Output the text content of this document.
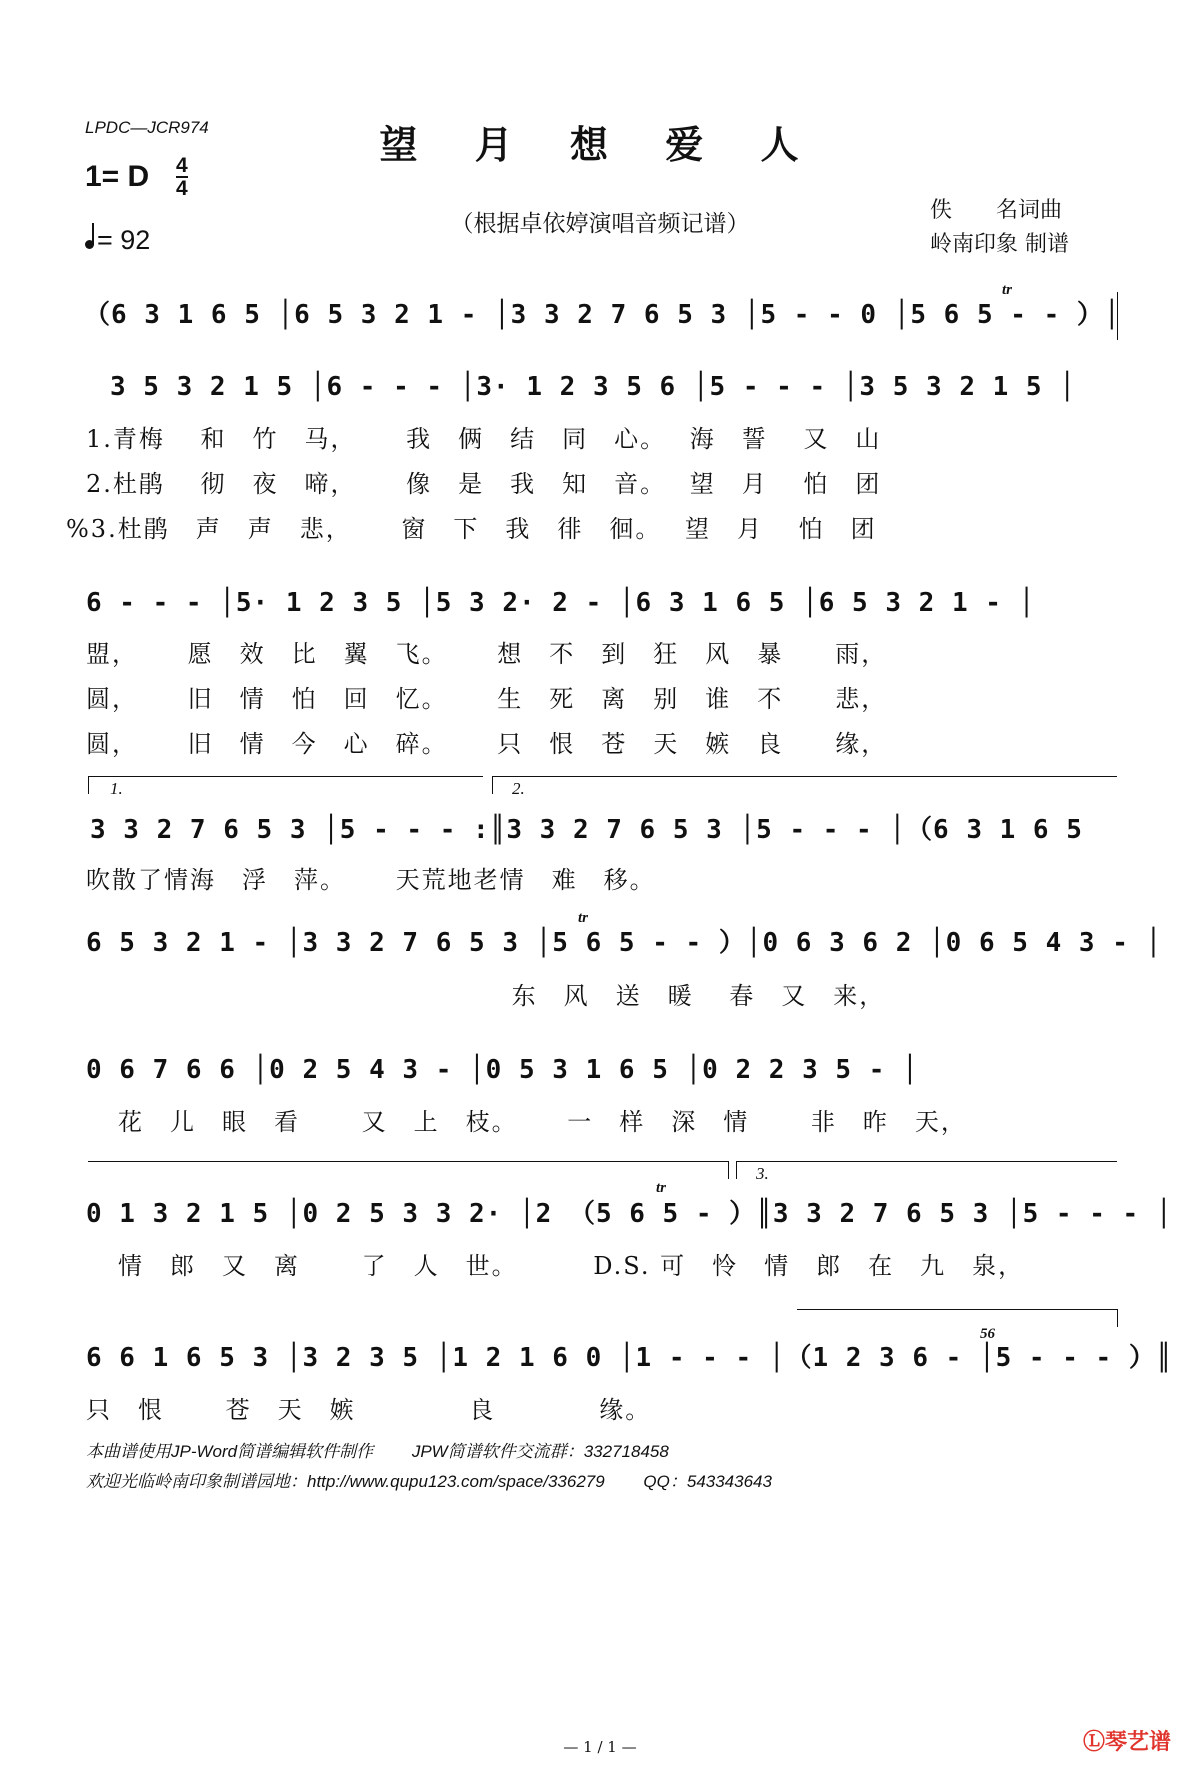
LPDC—JCR974	望 月 想 爱 人
1= D 4
4
= 92
（根据卓依婷演唱音频记谱）
佚　　名词曲
岭南印象 制谱
（6 3 1 6 5 │6 5 3 2 1 - │3 3 2 7 6 5 3 │5 - - 0 │5 6 5 - - ）│
tr
3 5 3 2 1 5 │6 - - - │3· 1 2 3 5 6 │5 - - - │3 5 3 2 1 5 │
1.青梅　 和　竹　马，　　 我　俩　结　同　心。　 海　誓　 又　山
2.杜鹃　 彻　夜　啼，　　 像　是　我　知　音。　 望　月　 怕　团
%3.杜鹃　声　声　悲，　　 窗　下　我　徘　徊。　 望　月　 怕　团
6 - - - │5· 1 2 3 5 │5 3 2· 2 - │6 3 1 6 5 │6 5 3 2 1 - │
盟，　　 愿　效　比　翼　飞。　　 想　不　到　狂　风　暴　　雨，
圆，　　 旧　情　怕　回　忆。　　 生　死　离　别　谁　不　　悲，
圆，　　 旧　情　今　心　碎。　　 只　恨　苍　天　嫉　良　　缘，
1.	2.
3 3 2 7 6 5 3 │5 - - - :║3 3 2 7 6 5 3 │5 - - - │（6 3 1 6 5
吹散了情海　浮　萍。　　 天荒地老情　难　移。
tr
6 5 3 2 1 - │3 3 2 7 6 5 3 │5 6 5 - - ）│0 6 3 6 2 │0 6 5 4 3 - │
　　　　　　　　　　　　　　　　 东　风　送　暖　 春　又　来，
0 6 7 6 6 │0 2 5 4 3 - │0 5 3 1 6 5 │0 2 2 3 5 - │
花　儿　眼　看　　 又　上　枝。　　 一　样　深　情　　 非　昨　天，
3.
tr
0 1 3 2 1 5 │0 2 5 3 3 2· │2 （5 6 5 - ）║3 3 2 7 6 5 3 │5 - - - │
情　郎　又　离　　 了　人　世。　　　 D.S. 可　怜　情　郎　在　九　泉，
56
6 6 1 6 5 3 │3 2 3 5 │1 2 1 6 0 │1 - - - │（1 2 3 6 - │5 - - - ）║
只　恨　　 苍　天　嫉　　　　 良　　　　缘。
本曲谱使用JP-Word简谱编辑软件制作　　 JPW简谱软件交流群：332718458
欢迎光临岭南印象制谱园地：http://www.qupu123.com/space/336279　　 QQ：543343643
— 1 / 1 —	Ⓛ琴艺谱
